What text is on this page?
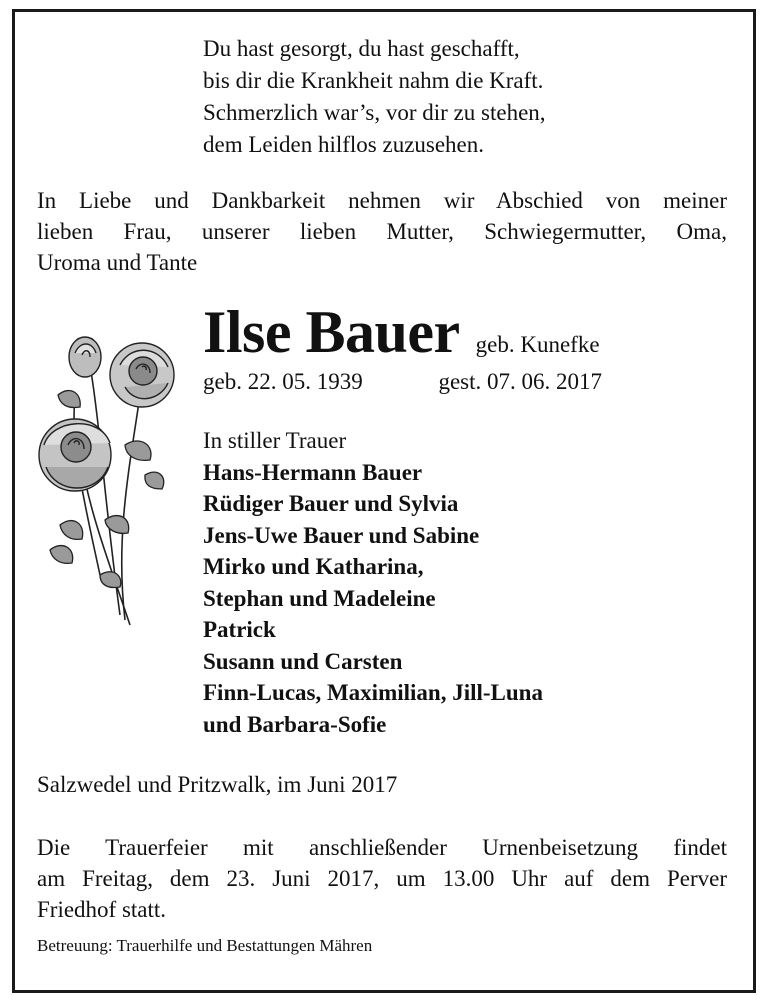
Du hast gesorgt, du hast geschafft,
bis dir die Krankheit nahm die Kraft.
Schmerzlich war’s, vor dir zu stehen,
dem Leiden hilflos zuzusehen.
In Liebe und Dankbarkeit nehmen wir Abschied von meiner
lieben Frau, unserer lieben Mutter, Schwiegermutter, Oma,
Uroma und Tante
Ilse Bauer geb. Kunefke
geb. 22. 05. 1939	gest. 07. 06. 2017
In stiller Trauer
Hans-Hermann Bauer
Rüdiger Bauer und Sylvia
Jens-Uwe Bauer und Sabine
Mirko und Katharina,
Stephan und Madeleine
Patrick
Susann und Carsten
Finn-Lucas, Maximilian, Jill-Luna
und Barbara-Sofie
Salzwedel und Pritzwalk, im Juni 2017
Die Trauerfeier mit anschließender Urnenbeisetzung findet
am Freitag, dem 23. Juni 2017, um 13.00 Uhr auf dem Perver
Friedhof statt.
Betreuung: Trauerhilfe und Bestattungen Mähren
